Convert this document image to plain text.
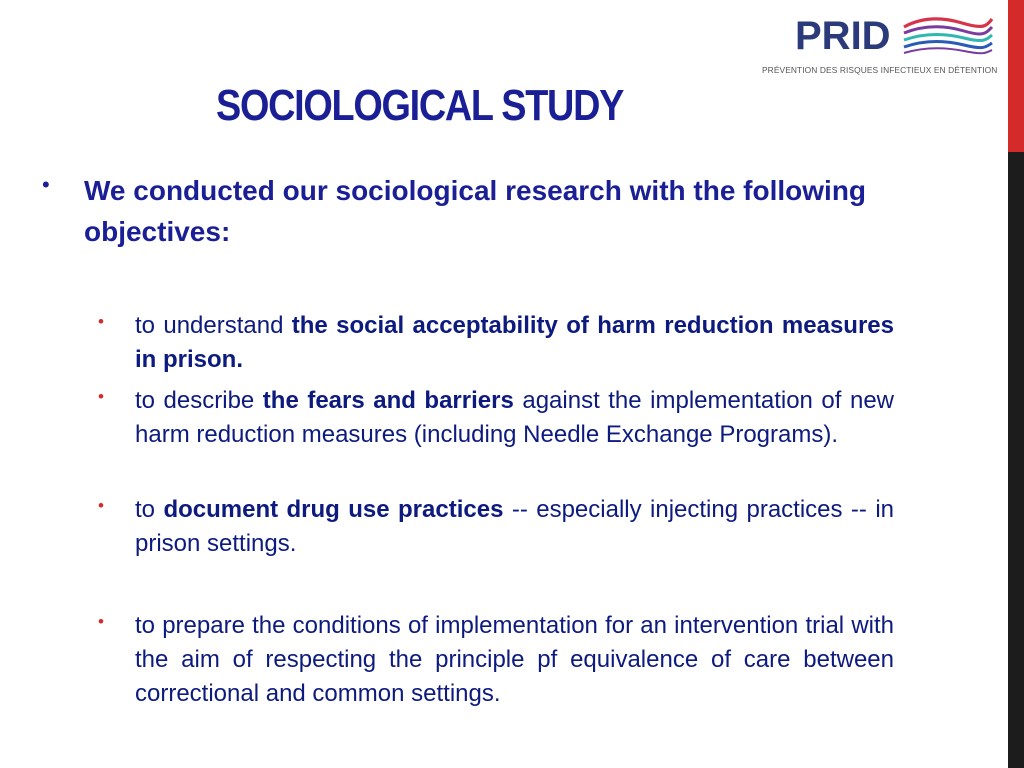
PRID
PRÉVENTION DES RISQUES INFECTIEUX EN DÉTENTION
SOCIOLOGICAL STUDY
• We conducted our sociological research with the following objectives:
• to understand the social acceptability of harm reduction measures in prison.
• to describe the fears and barriers against the implementation of new harm reduction measures (including Needle Exchange Programs).
• to document drug use practices -- especially injecting practices -- in prison settings.
• to prepare the conditions of implementation for an intervention trial with the aim of respecting the principle pf equivalence of care between correctional and common settings.
